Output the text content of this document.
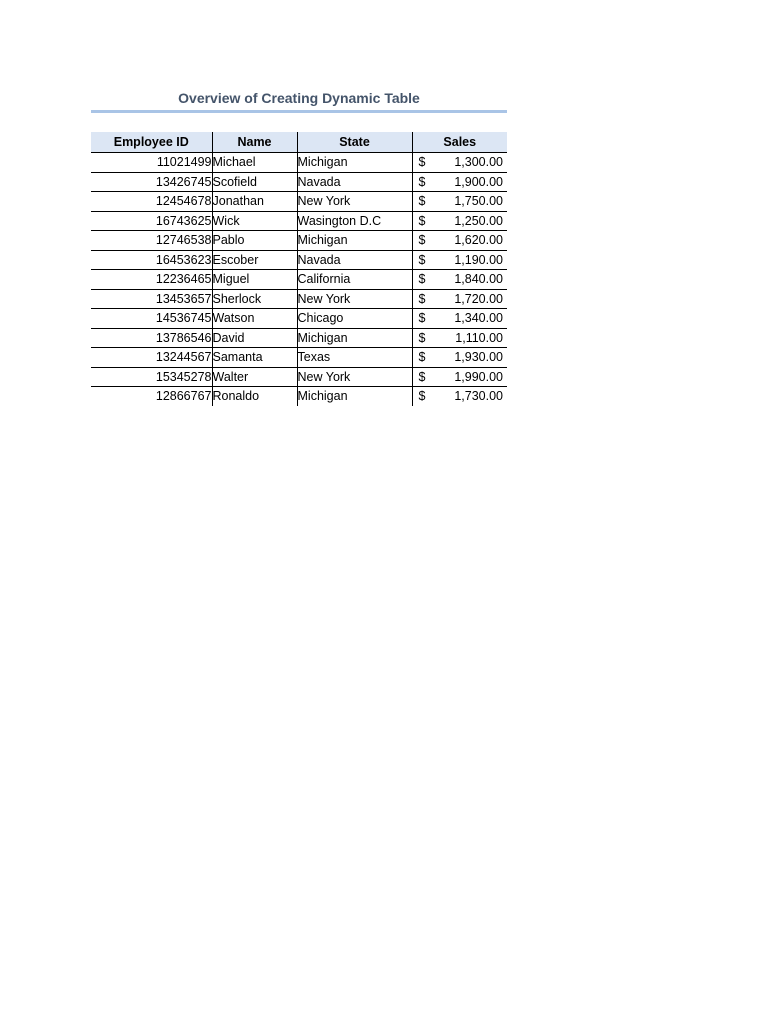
Overview of Creating Dynamic Table
Employee ID	Name	State	Sales
11021499	Michael	Michigan	$ 1,300.00

13426745	Scofield	Navada	$ 1,900.00

12454678	Jonathan	New York	$ 1,750.00

16743625	Wick	Wasington D.C	$ 1,250.00

12746538	Pablo	Michigan	$ 1,620.00

16453623	Escober	Navada	$ 1,190.00

12236465	Miguel	California	$ 1,840.00

13453657	Sherlock	New York	$ 1,720.00

14536745	Watson	Chicago	$ 1,340.00

13786546	David	Michigan	$ 1,110.00

13244567	Samanta	Texas	$ 1,930.00

15345278	Walter	New York	$ 1,990.00

12866767	Ronaldo	Michigan	$ 1,730.00
